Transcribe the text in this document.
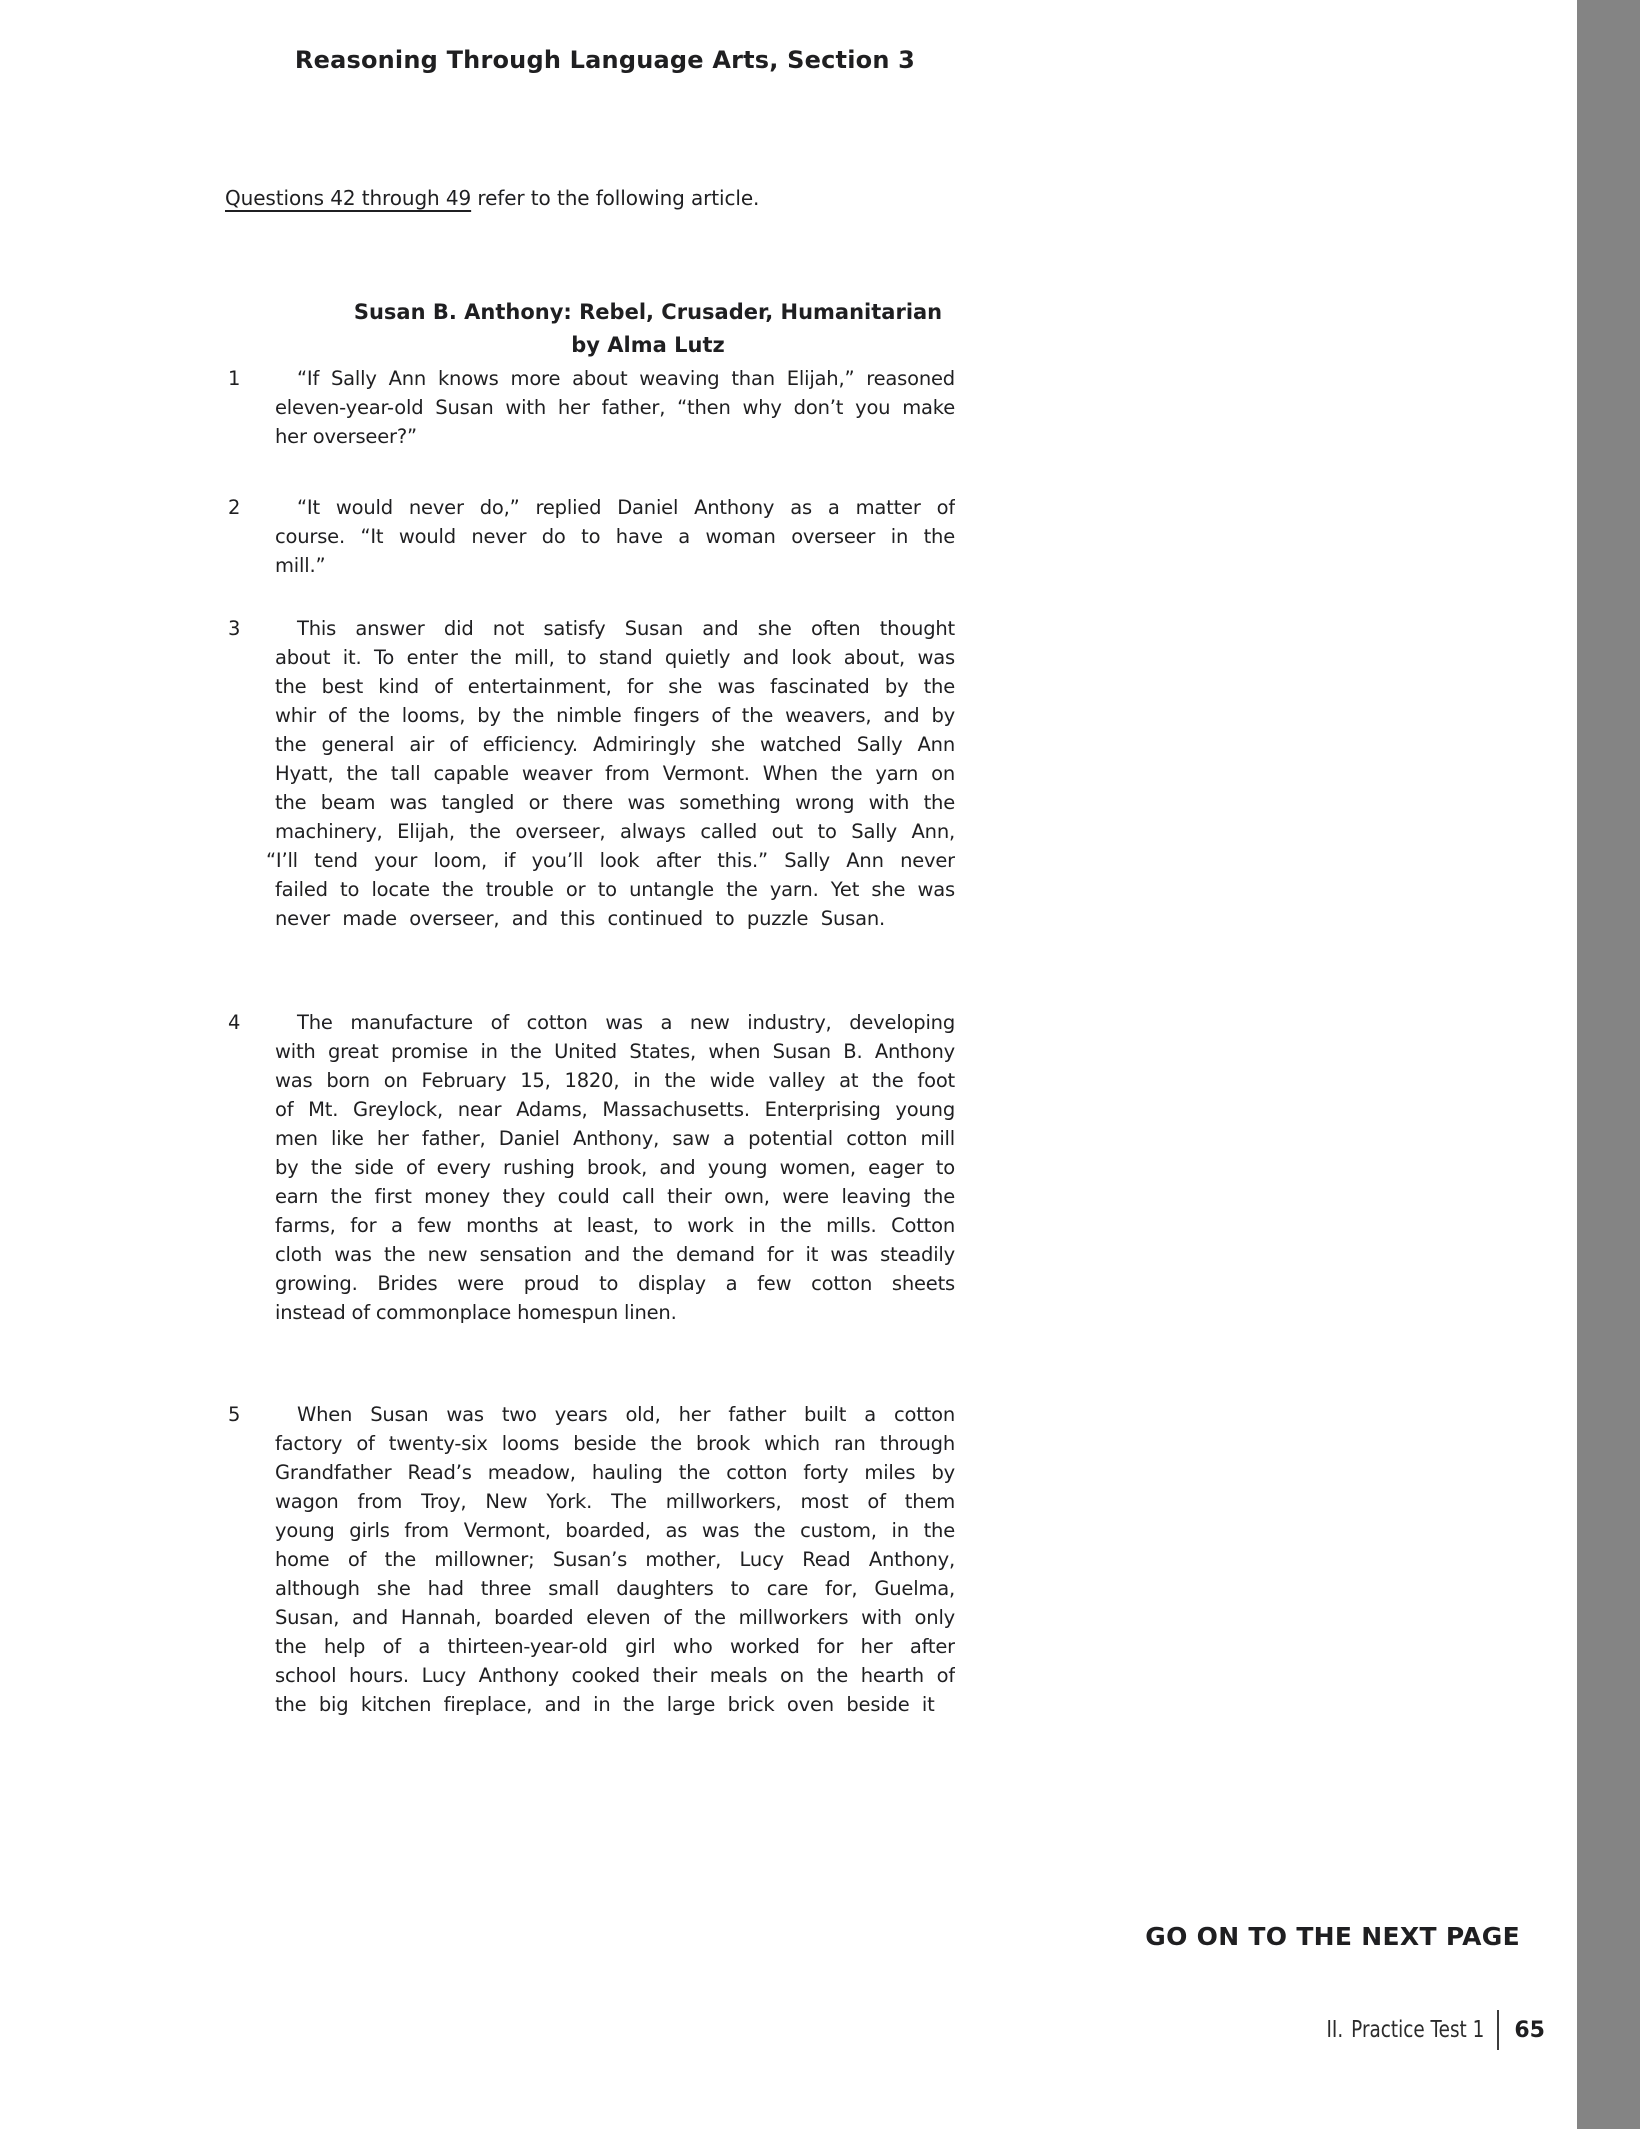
Reasoning Through Language Arts, Section 3
Questions 42 through 49 refer to the following article.
Susan B. Anthony: Rebel, Crusader, Humanitarian
by Alma Lutz
1	“If Sally Ann knows more about weaving than Elijah,” reasoned
eleven-year-old Susan with her father, “then why don’t you make
her overseer?”
2	“It would never do,” replied Daniel Anthony as a matter of
course. “It would never do to have a woman overseer in the
mill.”
3	This answer did not satisfy Susan and she often thought
about it. To enter the mill, to stand quietly and look about, was
the best kind of entertainment, for she was fascinated by the
whir of the looms, by the nimble fingers of the weavers, and by
the general air of efficiency. Admiringly she watched Sally Ann
Hyatt, the tall capable weaver from Vermont. When the yarn on
the beam was tangled or there was something wrong with the
machinery, Elijah, the overseer, always called out to Sally Ann,
“I’ll tend your loom, if you’ll look after this.” Sally Ann never
failed to locate the trouble or to untangle the yarn. Yet she was
never made overseer, and this continued to puzzle Susan.
4	The manufacture of cotton was a new industry, developing
with great promise in the United States, when Susan B. Anthony
was born on February 15, 1820, in the wide valley at the foot
of Mt. Greylock, near Adams, Massachusetts. Enterprising young
men like her father, Daniel Anthony, saw a potential cotton mill
by the side of every rushing brook, and young women, eager to
earn the first money they could call their own, were leaving the
farms, for a few months at least, to work in the mills. Cotton
cloth was the new sensation and the demand for it was steadily
growing. Brides were proud to display a few cotton sheets
instead of commonplace homespun linen.
5	When Susan was two years old, her father built a cotton
factory of twenty-six looms beside the brook which ran through
Grandfather Read’s meadow, hauling the cotton forty miles by
wagon from Troy, New York. The millworkers, most of them
young girls from Vermont, boarded, as was the custom, in the
home of the millowner; Susan’s mother, Lucy Read Anthony,
although she had three small daughters to care for, Guelma,
Susan, and Hannah, boarded eleven of the millworkers with only
the help of a thirteen-year-old girl who worked for her after
school hours. Lucy Anthony cooked their meals on the hearth of
the big kitchen fireplace, and in the large brick oven beside it
GO ON TO THE NEXT PAGE
II. Practice Test 1 65
